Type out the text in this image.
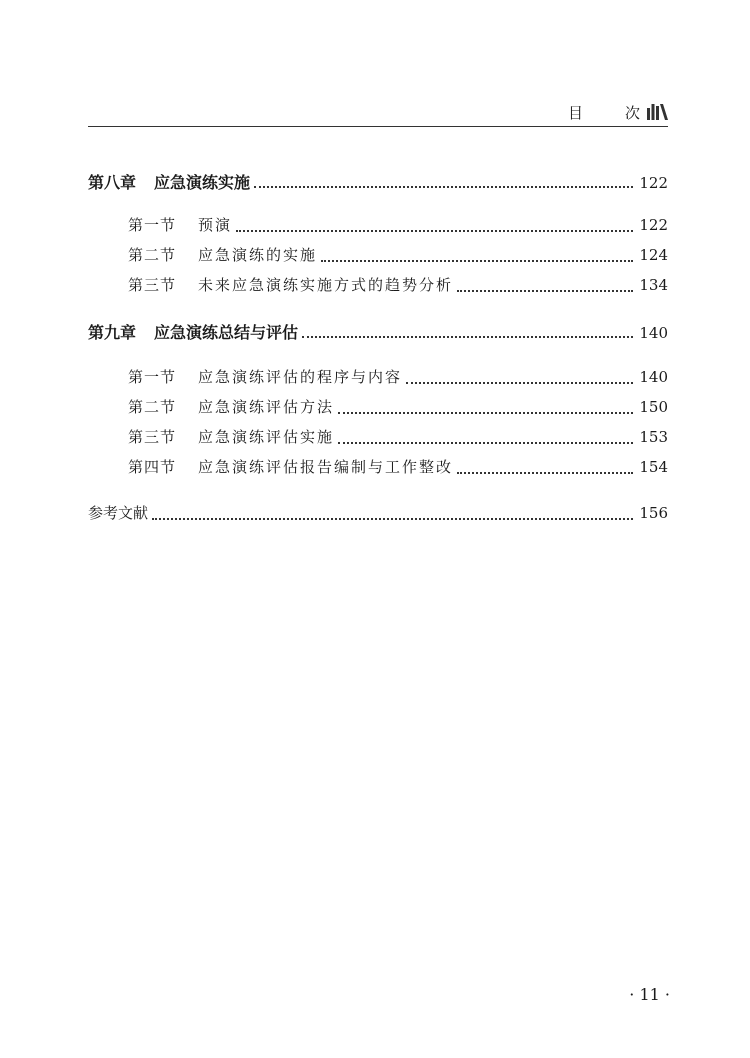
目	次
第八章 应急演练实施	122
第一节 预演	122
第二节 应急演练的实施	124
第三节 未来应急演练实施方式的趋势分析	134
第九章 应急演练总结与评估	140
第一节 应急演练评估的程序与内容	140
第二节 应急演练评估方法	150
第三节 应急演练评估实施	153
第四节 应急演练评估报告编制与工作整改	154
参考文献	156
· 11 ·
